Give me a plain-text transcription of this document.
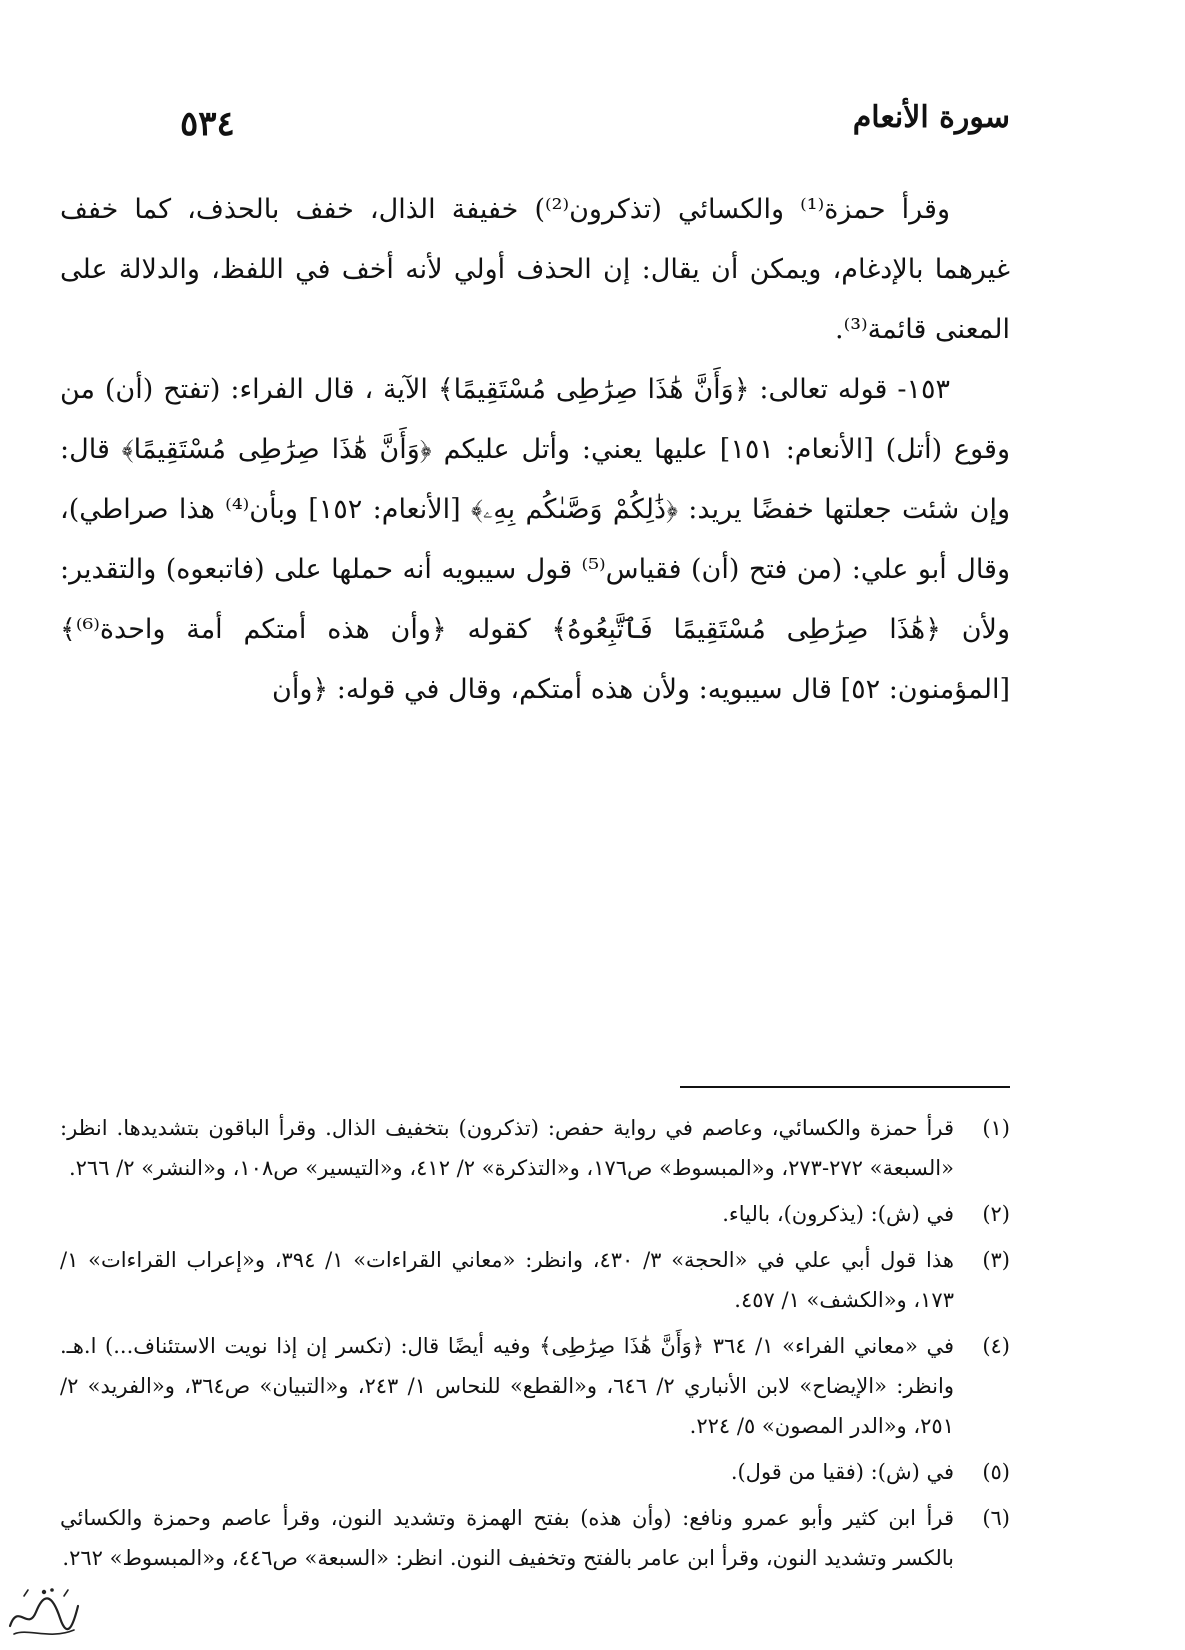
٥٣٤	سورة الأنعام

وقرأ حمزة⁽¹⁾ والكسائي (تذكرون⁽²⁾) خفيفة الذال، خفف بالحذف، كما خفف غيرهما بالإدغام، ويمكن أن يقال: إن الحذف أولي لأنه أخف في اللفظ، والدلالة على المعنى قائمة⁽³⁾.

١٥٣- قوله تعالى: ﴿وَأَنَّ هَٰذَا صِرَٰطِى مُسْتَقِيمًا﴾ الآية ، قال الفراء: (تفتح (أن) من وقوع (أتل) [الأنعام: ١٥١] عليها يعني: وأتل عليكم ﴿وَأَنَّ هَٰذَا صِرَٰطِى مُسْتَقِيمًا﴾ قال: وإن شئت جعلتها خفضًا يريد: ﴿ذَٰلِكُمْ وَصَّىٰكُم بِهِۦ﴾ [الأنعام: ١٥٢] وبأن⁽⁴⁾ هذا صراطي)، وقال أبو علي: (من فتح (أن) فقياس⁽⁵⁾ قول سيبويه أنه حملها على (فاتبعوه) والتقدير: ولأن ﴿هَٰذَا صِرَٰطِى مُسْتَقِيمًا فَٱتَّبِعُوهُ﴾ كقوله ﴿وأن هذه أمتكم أمة واحدة⁽⁶⁾﴾ [المؤمنون: ٥٢] قال سيبويه: ولأن هذه أمتكم، وقال في قوله: ﴿وأن

(١)
قرأ حمزة والكسائي، وعاصم في رواية حفص: (تذكرون) بتخفيف الذال. وقرأ الباقون بتشديدها. انظر: «السبعة» ٢٧٢-٢٧٣، و«المبسوط» ص١٧٦، و«التذكرة» ٢/ ٤١٢، و«التيسير» ص١٠٨، و«النشر» ٢/ ٢٦٦.
(٢)
في (ش): (يذكرون)، بالياء.
(٣)
هذا قول أبي علي في «الحجة» ٣/ ٤٣٠، وانظر: «معاني القراءات» ١/ ٣٩٤، و«إعراب القراءات» ١/ ١٧٣، و«الكشف» ١/ ٤٥٧.
(٤)
في «معاني الفراء» ١/ ٣٦٤ ﴿وَأَنَّ هَٰذَا صِرَٰطِى﴾ وفيه أيضًا قال: (تكسر إن إذا نويت الاستئناف...) ا.هـ. وانظر: «الإيضاح» لابن الأنباري ٢/ ٦٤٦، و«القطع» للنحاس ١/ ٢٤٣، و«التبيان» ص٣٦٤، و«الفريد» ٢/ ٢٥١، و«الدر المصون» ٥/ ٢٢٤.
(٥)
في (ش): (فقيا من قول).
(٦)
قرأ ابن كثير وأبو عمرو ونافع: (وأن هذه) بفتح الهمزة وتشديد النون، وقرأ عاصم وحمزة والكسائي بالكسر وتشديد النون، وقرأ ابن عامر بالفتح وتخفيف النون. انظر: «السبعة» ص٤٤٦، و«المبسوط» ٢٦٢.
